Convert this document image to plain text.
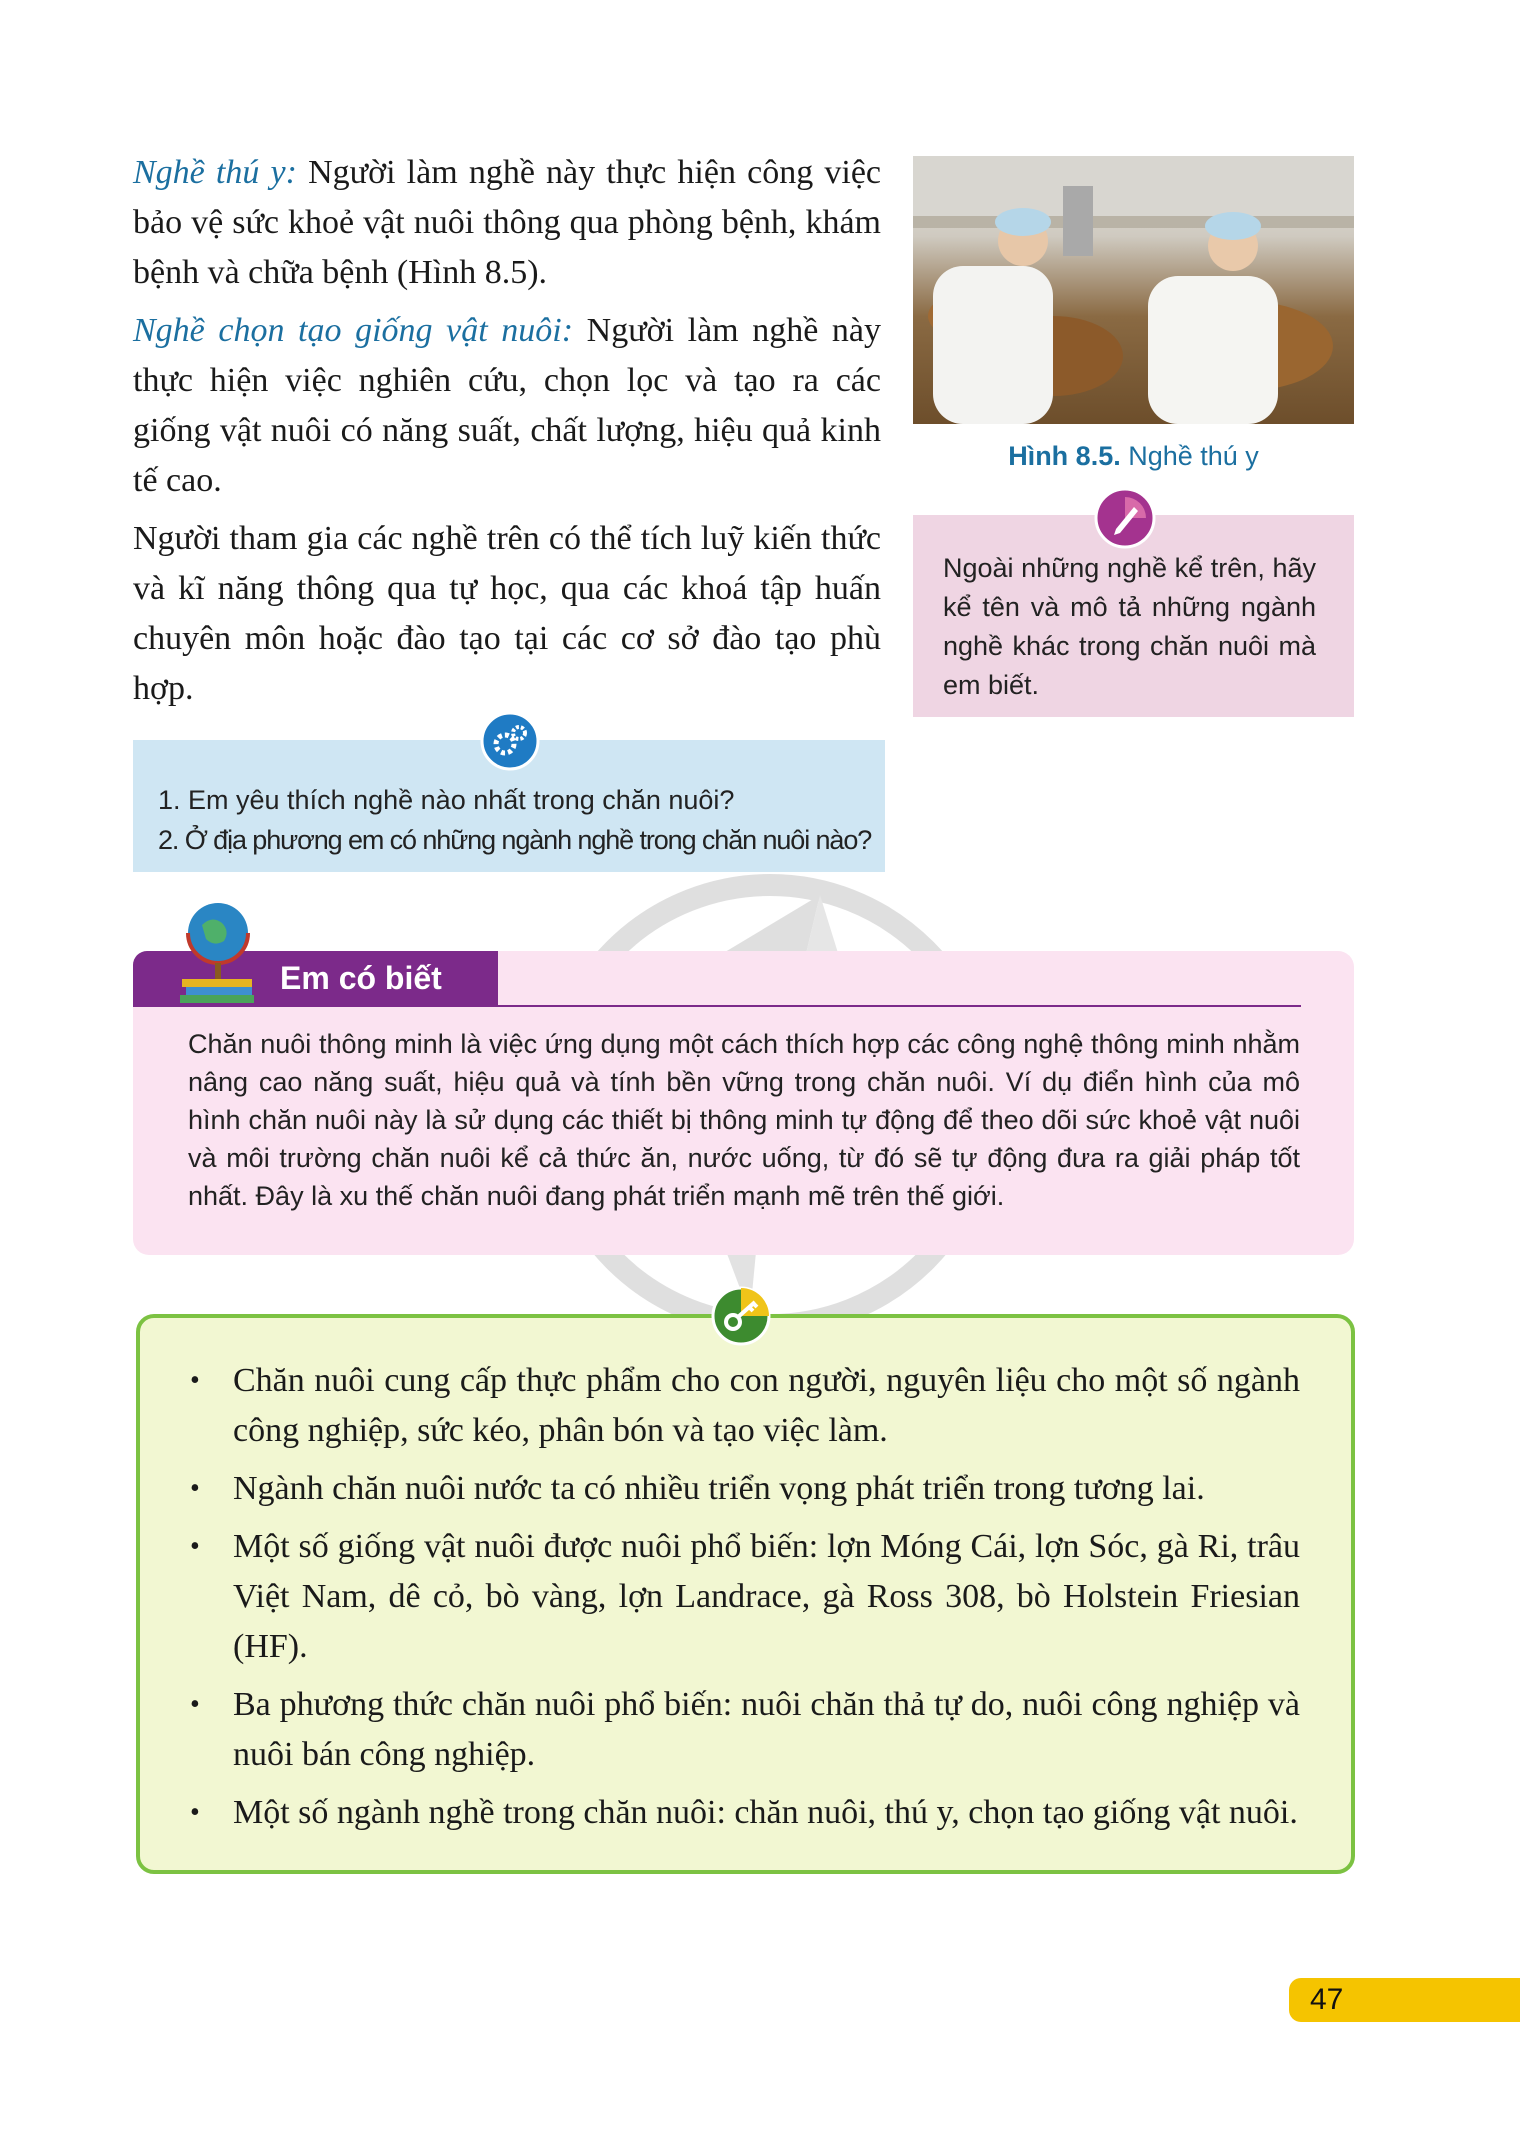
Nghề thú y: Người làm nghề này thực hiện công việc bảo vệ sức khoẻ vật nuôi thông qua phòng bệnh, khám bệnh và chữa bệnh (Hình 8.5).

Nghề chọn tạo giống vật nuôi: Người làm nghề này thực hiện việc nghiên cứu, chọn lọc và tạo ra các giống vật nuôi có năng suất, chất lượng, hiệu quả kinh tế cao.

Người tham gia các nghề trên có thể tích luỹ kiến thức và kĩ năng thông qua tự học, qua các khoá tập huấn chuyên môn hoặc đào tạo tại các cơ sở đào tạo phù hợp.

Hình 8.5. Nghề thú y

Ngoài những nghề kể trên, hãy kể tên và mô tả những ngành nghề khác trong chăn nuôi mà em biết.

1. Em yêu thích nghề nào nhất trong chăn nuôi?
2. Ở địa phương em có những ngành nghề trong chăn nuôi nào?
Em có biết

Chăn nuôi thông minh là việc ứng dụng một cách thích hợp các công nghệ thông minh nhằm nâng cao năng suất, hiệu quả và tính bền vững trong chăn nuôi. Ví dụ điển hình của mô hình chăn nuôi này là sử dụng các thiết bị thông minh tự động để theo dõi sức khoẻ vật nuôi và môi trường chăn nuôi kể cả thức ăn, nước uống, từ đó sẽ tự động đưa ra giải pháp tốt nhất. Đây là xu thế chăn nuôi đang phát triển mạnh mẽ trên thế giới.

• Chăn nuôi cung cấp thực phẩm cho con người, nguyên liệu cho một số ngành công nghiệp, sức kéo, phân bón và tạo việc làm.
• Ngành chăn nuôi nước ta có nhiều triển vọng phát triển trong tương lai.
• Một số giống vật nuôi được nuôi phổ biến: lợn Móng Cái, lợn Sóc, gà Ri, trâu Việt Nam, dê cỏ, bò vàng, lợn Landrace, gà Ross 308, bò Holstein Friesian (HF).
• Ba phương thức chăn nuôi phổ biến: nuôi chăn thả tự do, nuôi công nghiệp và nuôi bán công nghiệp.
• Một số ngành nghề trong chăn nuôi: chăn nuôi, thú y, chọn tạo giống vật nuôi.
47
